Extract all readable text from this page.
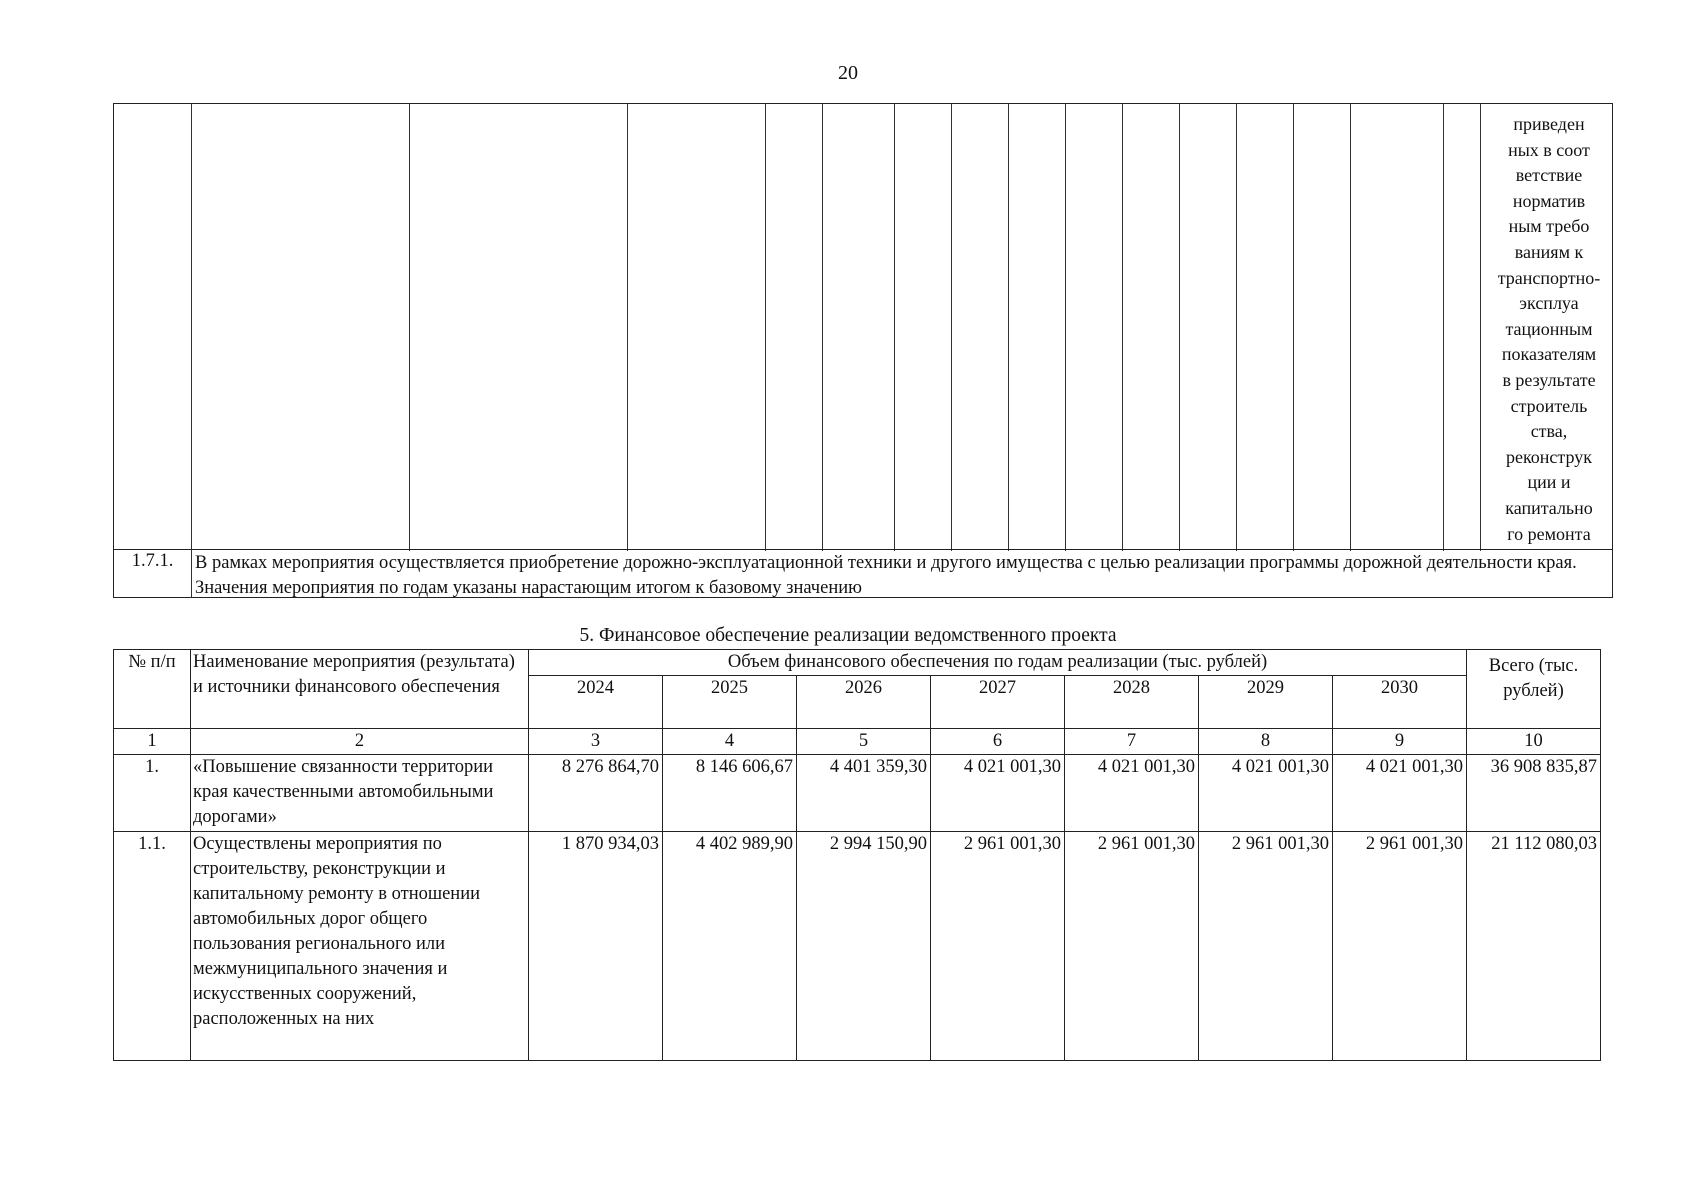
20
приведен
ных в соот
ветствие
норматив
ным требо
ваниям к
транспортно-
эксплуа
тационным
показателям
в результате
строитель
ства,
реконструк
ции и
капитально
го ремонта
1.7.1.	В рамках мероприятия осуществляется приобретение дорожно-эксплуатационной техники и другого имущества с целью реализации программы дорожной деятельности края. Значения мероприятия по годам указаны нарастающим итогом к базовому значению
5. Финансовое обеспечение реализации ведомственного проекта
№ п/п	Наименование мероприятия (результата) и источники финансового обеспечения	Объем финансового обеспечения по годам реализации (тыс. рублей)							Всего (тыс. рублей)
		2024	2025	2026	2027	2028	2029	2030	
1	2	3	4	5	6	7	8	9	10
1.	«Повышение связанности территории края качественными автомобильными дорогами»	8 276 864,70	8 146 606,67	4 401 359,30	4 021 001,30	4 021 001,30	4 021 001,30	4 021 001,30	36 908 835,87
1.1.	Осуществлены мероприятия по строительству, реконструкции и капитальному ремонту в отношении автомобильных дорог общего пользования регионального или межмуниципального значения и искусственных сооружений, расположенных на них	1 870 934,03	4 402 989,90	2 994 150,90	2 961 001,30	2 961 001,30	2 961 001,30	2 961 001,30	21 112 080,03
